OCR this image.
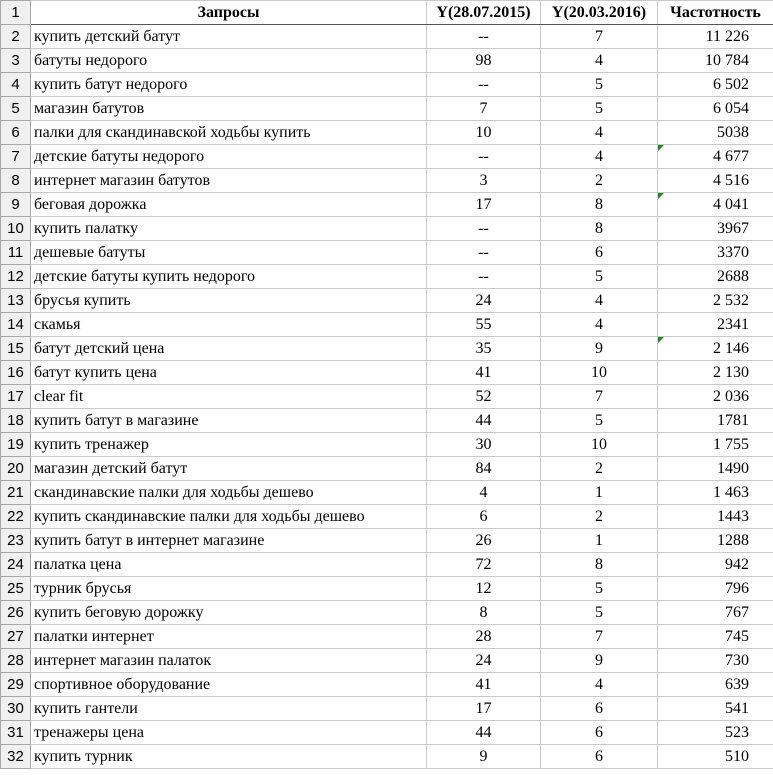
1	Запросы	Y(28.07.2015)	Y(20.03.2016)	Частотность
2	купить детский батут	--	7	11 226
3	батуты недорого	98	4	10 784
4	купить батут недорого	--	5	6 502
5	магазин батутов	7	5	6 054
6	палки для скандинавской ходьбы купить	10	4	5038
7	детские батуты недорого	--	4	4 677

8	интернет магазин батутов	3	2	4 516
9	беговая дорожка	17	8	4 041

10	купить палатку	--	8	3967
11	дешевые батуты	--	6	3370
12	детские батуты купить недорого	--	5	2688
13	брусья купить	24	4	2 532
14	скамья	55	4	2341
15	батут детский цена	35	9	2 146

16	батут купить цена	41	10	2 130
17	clear fit	52	7	2 036
18	купить батут в магазине	44	5	1781
19	купить тренажер	30	10	1 755
20	магазин детский батут	84	2	1490
21	скандинавские палки для ходьбы дешево	4	1	1 463
22	купить скандинавские палки для ходьбы дешево	6	2	1443
23	купить батут в интернет магазине	26	1	1288
24	палатка цена	72	8	942
25	турник брусья	12	5	796
26	купить беговую дорожку	8	5	767
27	палатки интернет	28	7	745
28	интернет магазин палаток	24	9	730
29	спортивное оборудование	41	4	639
30	купить гантели	17	6	541
31	тренажеры цена	44	6	523
32	купить турник	9	6	510
